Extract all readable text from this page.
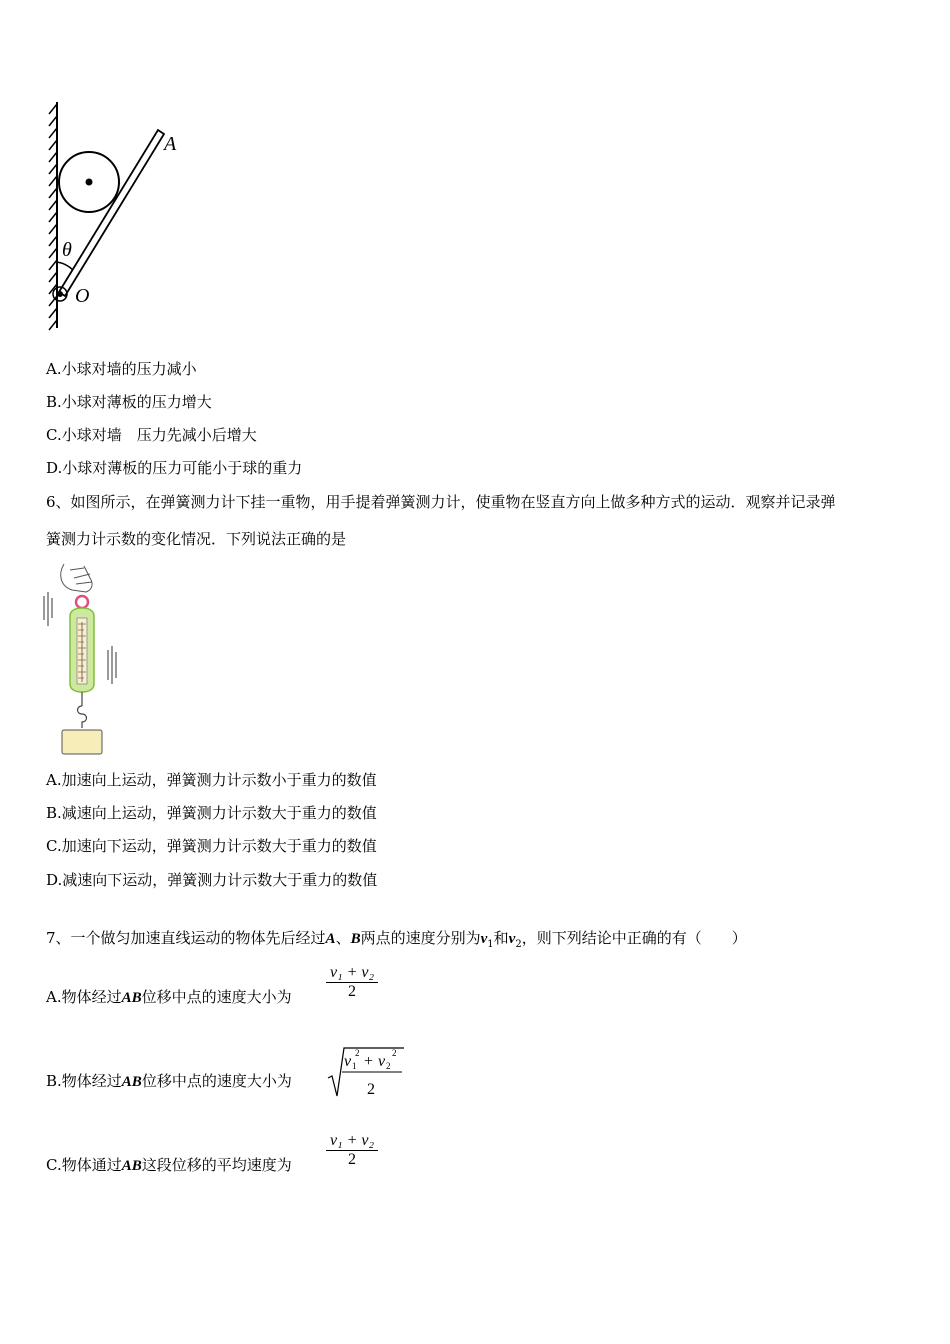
A
θ
O
A.小球对墙的压力减小
B.小球对薄板的压力增大
C.小球对墙　压力先减小后增大
D.小球对薄板的压力可能小于球的重力
6、如图所示，在弹簧测力计下挂一重物，用手提着弹簧测力计，使重物在竖直方向上做多种方式的运动．观察并记录弹
簧测力计示数的变化情况．下列说法正确的是
A.加速向上运动，弹簧测力计示数小于重力的数值
B.减速向上运动，弹簧测力计示数大于重力的数值
C.加速向下运动，弹簧测力计示数大于重力的数值
D.减速向下运动，弹簧测力计示数大于重力的数值
7、一个做匀加速直线运动的物体先后经过A、B两点的速度分别为$v_1$和$v_2$，则下列结论中正确的有（　　）
A.物体经过AB位移中点的速度大小为 $\frac{\text{v₁ + v₂}}{2}$
B.物体经过AB位移中点的速度大小为
v 1
2 + v 2
2
2
C.物体通过AB这段位移的平均速度为 $\frac{\text{v₁ + v₂}}{2}$
